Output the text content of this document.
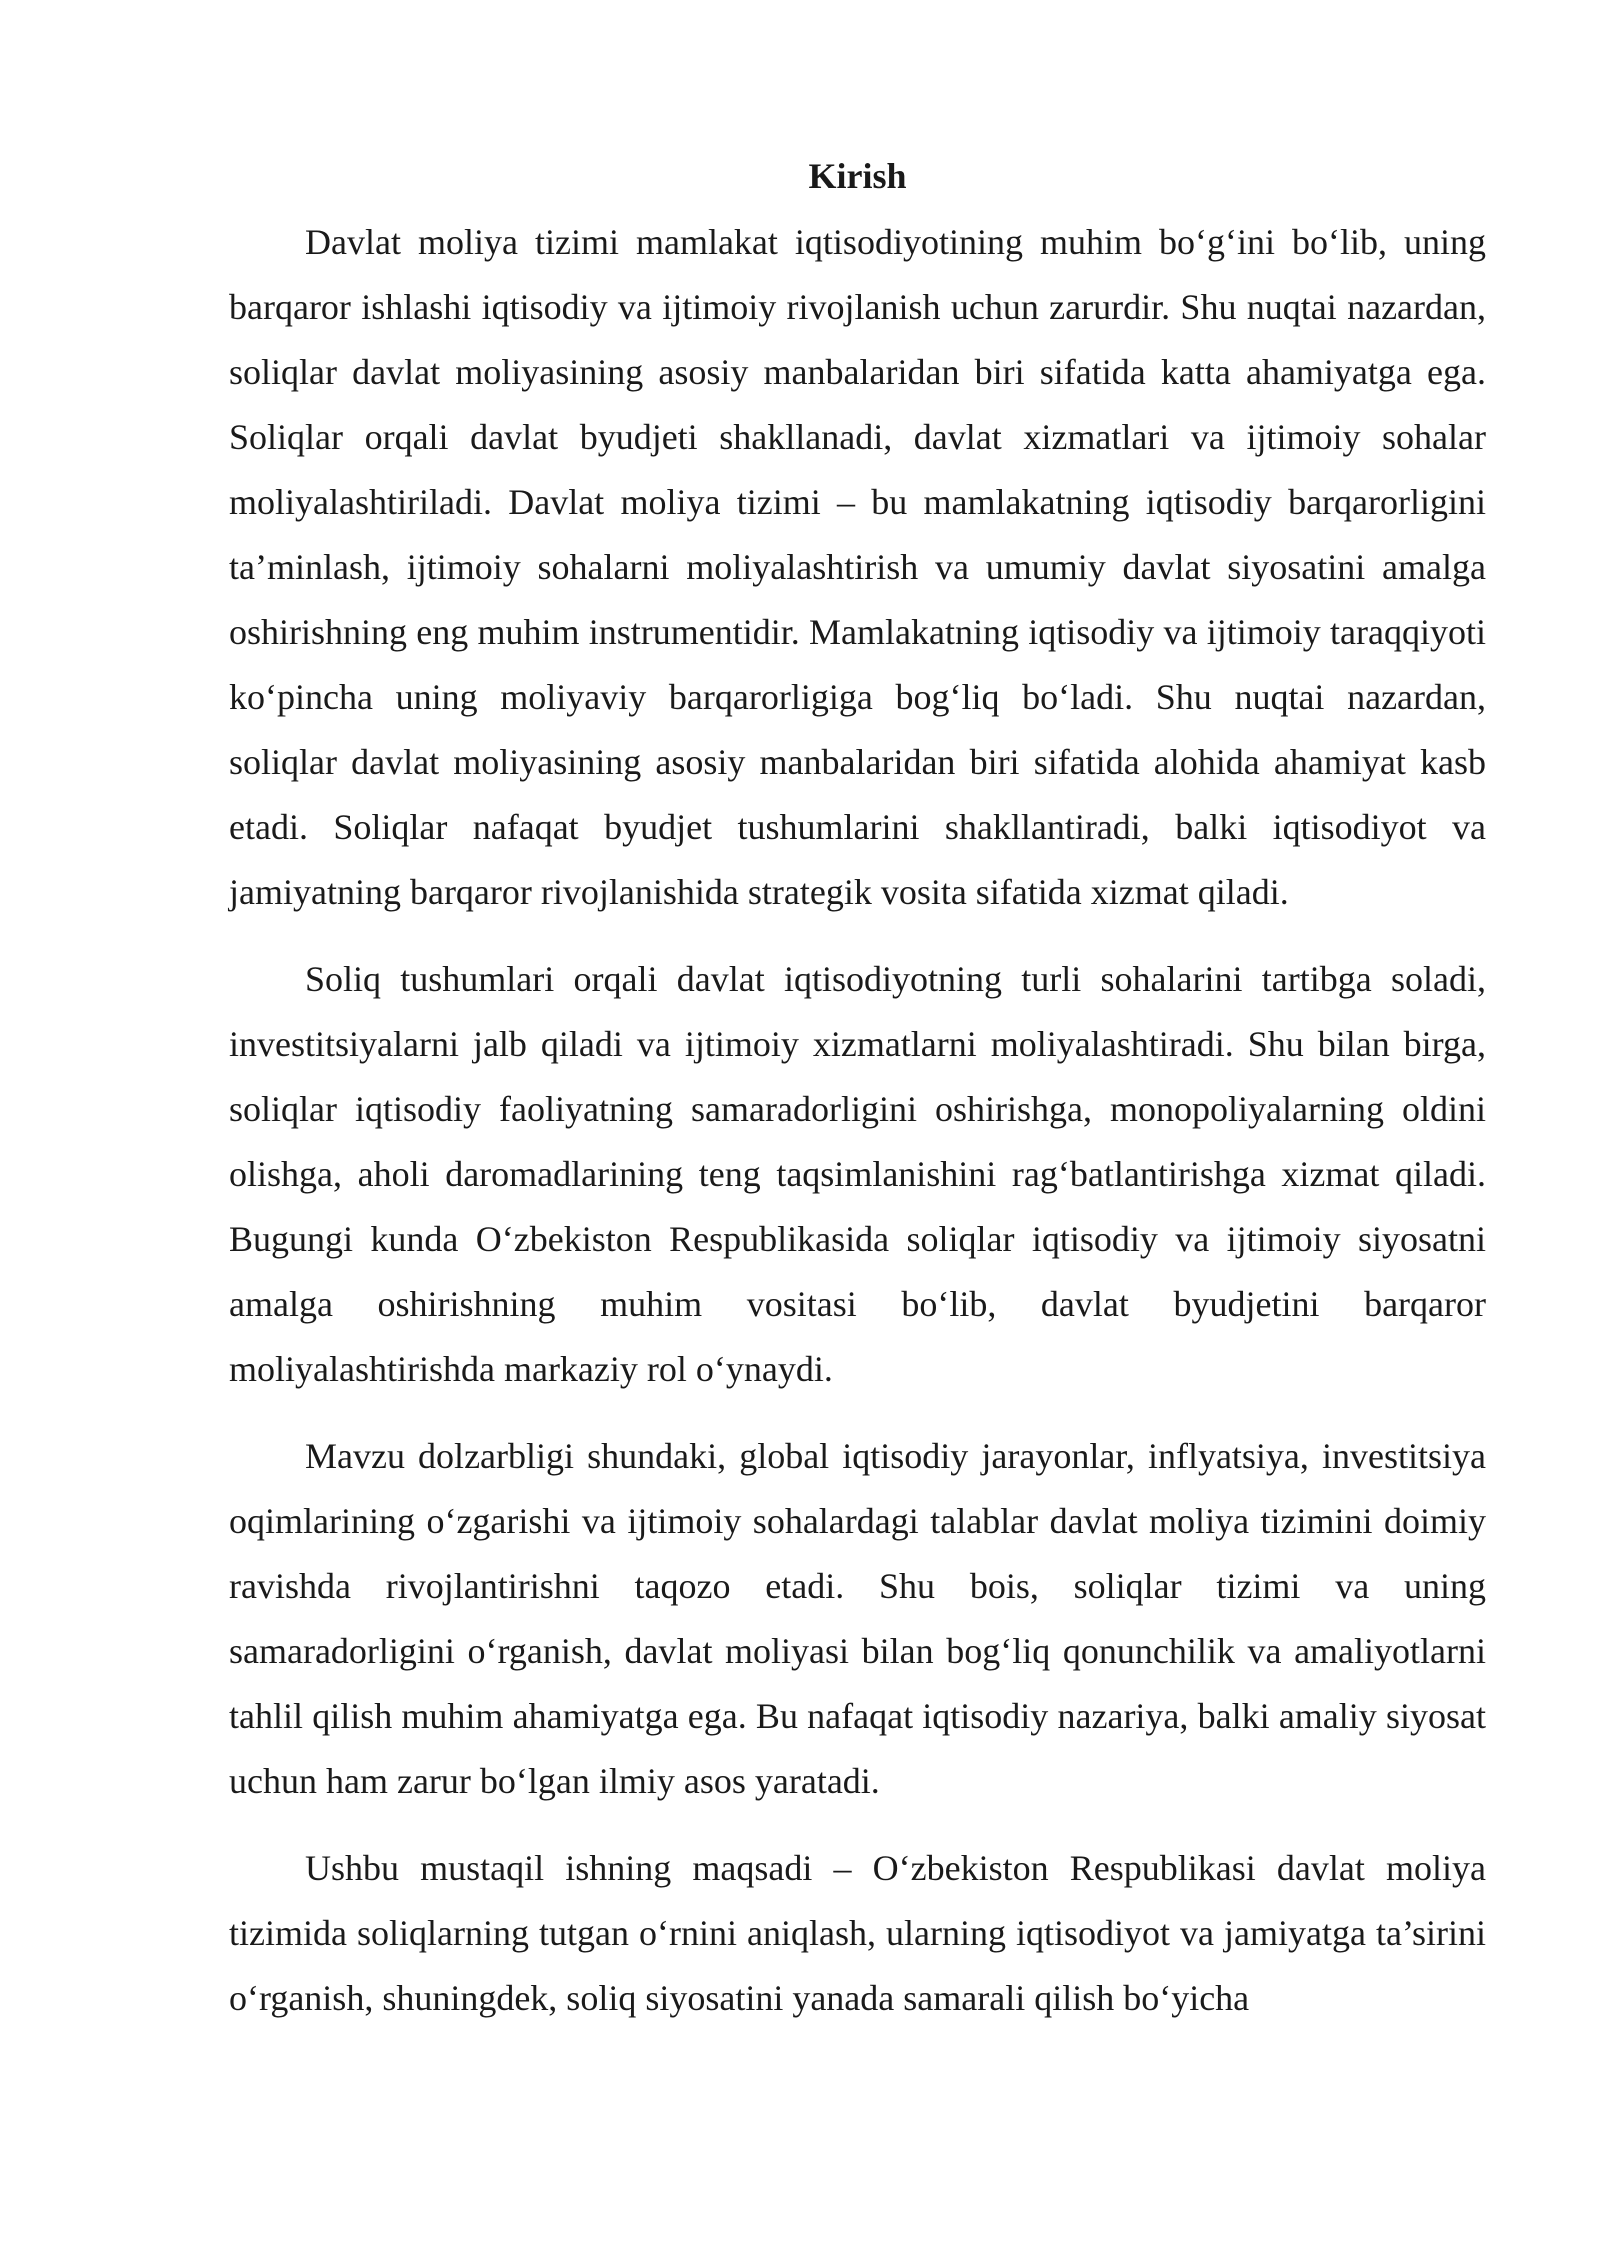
Kirish

Davlat moliya tizimi mamlakat iqtisodiyotining muhim bo‘g‘ini bo‘lib, uning barqaror ishlashi iqtisodiy va ijtimoiy rivojlanish uchun zarurdir. Shu nuqtai nazardan, soliqlar davlat moliyasining asosiy manbalaridan biri sifatida katta ahamiyatga ega. Soliqlar orqali davlat byudjeti shakllanadi, davlat xizmatlari va ijtimoiy sohalar moliyalashtiriladi. Davlat moliya tizimi – bu mamlakatning iqtisodiy barqarorligini ta’minlash, ijtimoiy sohalarni moliyalashtirish va umumiy davlat siyosatini amalga oshirishning eng muhim instrumentidir. Mamlakatning iqtisodiy va ijtimoiy taraqqiyoti ko‘pincha uning moliyaviy barqarorligiga bog‘liq bo‘ladi. Shu nuqtai nazardan, soliqlar davlat moliyasining asosiy manbalaridan biri sifatida alohida ahamiyat kasb etadi. Soliqlar nafaqat byudjet tushumlarini shakllantiradi, balki iqtisodiyot va jamiyatning barqaror rivojlanishida strategik vosita sifatida xizmat qiladi.

Soliq tushumlari orqali davlat iqtisodiyotning turli sohalarini tartibga soladi, investitsiyalarni jalb qiladi va ijtimoiy xizmatlarni moliyalashtiradi. Shu bilan birga, soliqlar iqtisodiy faoliyatning samaradorligini oshirishga, monopoliyalarning oldini olishga, aholi daromadlarining teng taqsimlanishini rag‘batlantirishga xizmat qiladi. Bugungi kunda O‘zbekiston Respublikasida soliqlar iqtisodiy va ijtimoiy siyosatni amalga oshirishning muhim vositasi bo‘lib, davlat byudjetini barqaror moliyalashtirishda markaziy rol o‘ynaydi.

Mavzu dolzarbligi shundaki, global iqtisodiy jarayonlar, inflyatsiya, investitsiya oqimlarining o‘zgarishi va ijtimoiy sohalardagi talablar davlat moliya tizimini doimiy ravishda rivojlantirishni taqozo etadi. Shu bois, soliqlar tizimi va uning samaradorligini o‘rganish, davlat moliyasi bilan bog‘liq qonunchilik va amaliyotlarni tahlil qilish muhim ahamiyatga ega. Bu nafaqat iqtisodiy nazariya, balki amaliy siyosat uchun ham zarur bo‘lgan ilmiy asos yaratadi.

Ushbu mustaqil ishning maqsadi – O‘zbekiston Respublikasi davlat moliya tizimida soliqlarning tutgan o‘rnini aniqlash, ularning iqtisodiyot va jamiyatga ta’sirini o‘rganish, shuningdek, soliq siyosatini yanada samarali qilish bo‘yicha
